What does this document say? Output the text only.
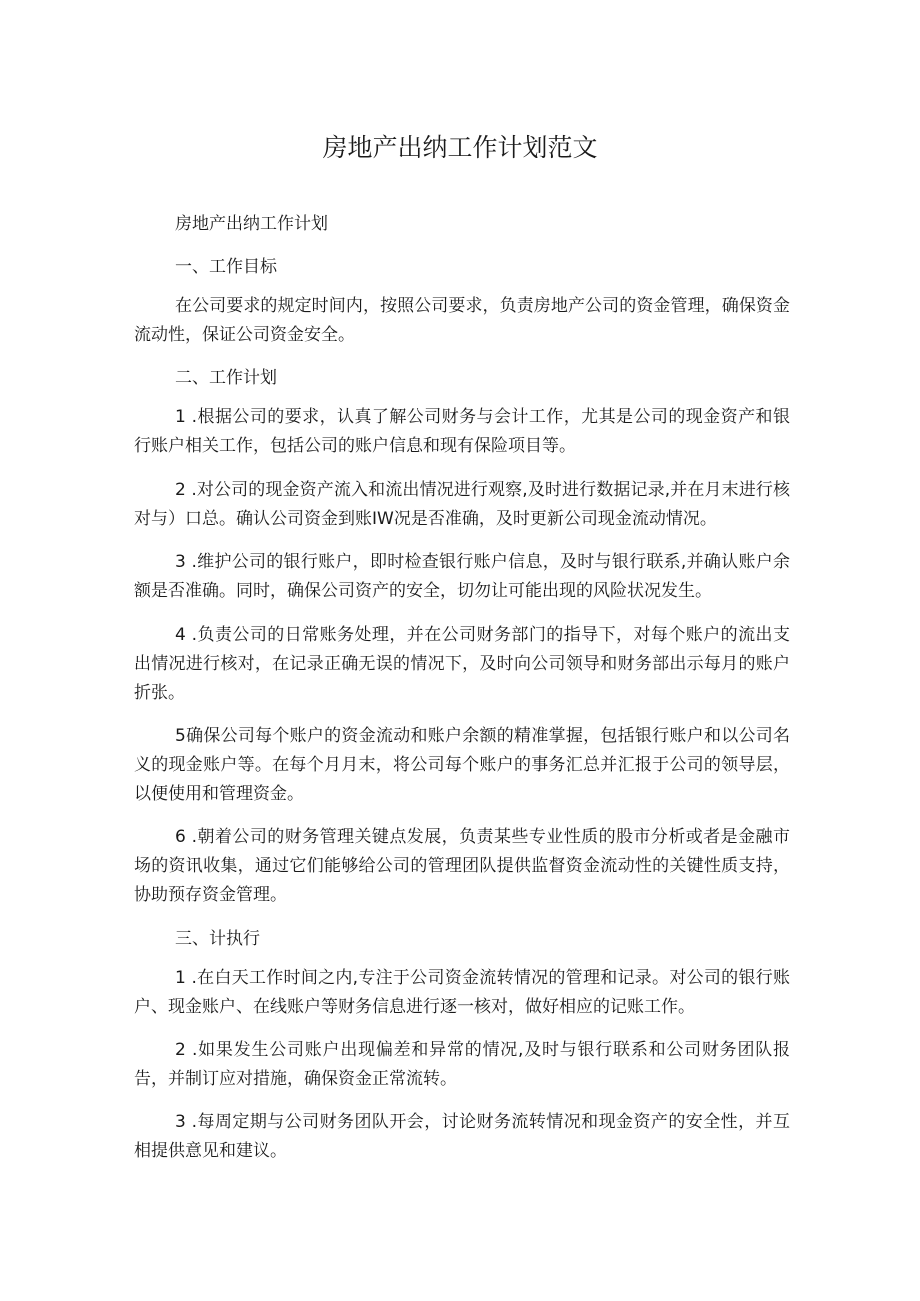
房地产出纳工作计划范文

房地产出纳工作计划

一、工作目标

在公司要求的规定时间内，按照公司要求，负责房地产公司的资金管理，确保资金流动性，保证公司资金安全。

二、工作计划

1 .根据公司的要求，认真了解公司财务与会计工作，尤其是公司的现金资产和银行账户相关工作，包括公司的账户信息和现有保险项目等。

2 .对公司的现金资产流入和流出情况进行观察,及时进行数据记录,并在月末进行核对与）口总。确认公司资金到账IW况是否准确，及时更新公司现金流动情况。

3 .维护公司的银行账户，即时检查银行账户信息，及时与银行联系,并确认账户余额是否准确。同时，确保公司资产的安全，切勿让可能出现的风险状况发生。

4 .负责公司的日常账务处理，并在公司财务部门的指导下，对每个账户的流出支出情况进行核对，在记录正确无误的情况下，及时向公司领导和财务部出示每月的账户折张。

5确保公司每个账户的资金流动和账户余额的精准掌握，包括银行账户和以公司名义的现金账户等。在每个月月末，将公司每个账户的事务汇总并汇报于公司的领导层，以便使用和管理资金。

6 .朝着公司的财务管理关键点发展，负责某些专业性质的股市分析或者是金融市场的资讯收集，通过它们能够给公司的管理团队提供监督资金流动性的关键性质支持，协助预存资金管理。

三、计执行

1 .在白天工作时间之内,专注于公司资金流转情况的管理和记录。对公司的银行账户、现金账户、在线账户等财务信息进行逐一核对，做好相应的记账工作。

2 .如果发生公司账户出现偏差和异常的情况,及时与银行联系和公司财务团队报告，并制订应对措施，确保资金正常流转。

3 .每周定期与公司财务团队开会，讨论财务流转情况和现金资产的安全性，并互相提供意见和建议。
